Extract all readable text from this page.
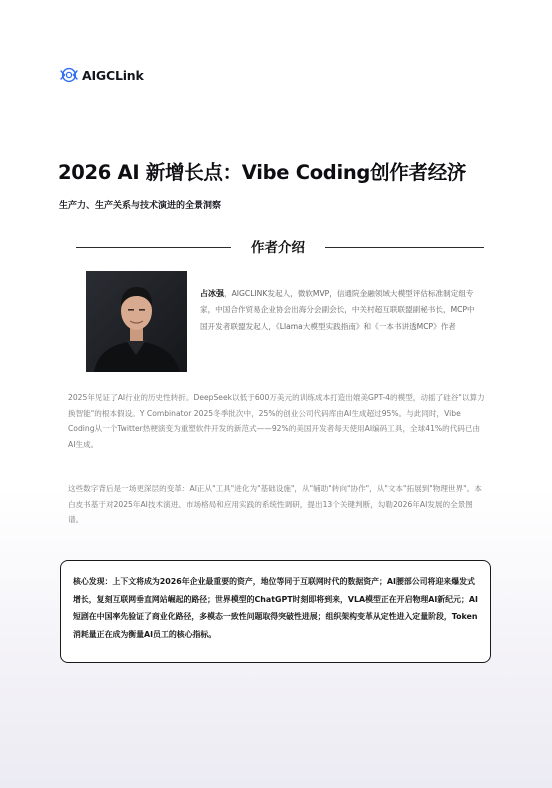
AIGCLink
2026 AI 新增长点：Vibe Coding创作者经济
生产力、生产关系与技术演进的全景洞察
作者介绍

占冰强，AIGCLINK发起人，微软MVP，信通院金融领域大模型评估标准制定组专家，中国合作贸易企业协会出海分会副会长，中关村超互联联盟副秘书长，MCP中国开发者联盟发起人，《Llama大模型实践指南》和《一本书讲透MCP》作者

2025年见证了AI行业的历史性转折。DeepSeek以低于600万美元的训练成本打造出媲美GPT-4的模型，动摇了硅谷"以算力换智能"的根本假设。Y Combinator 2025冬季批次中，25%的创业公司代码库由AI生成超过95%。与此同时，Vibe Coding从一个Twitter热梗演变为重塑软件开发的新范式——92%的美国开发者每天使用AI编码工具，全球41%的代码已由AI生成。

这些数字背后是一场更深层的变革：AI正从"工具"进化为"基础设施"，从"辅助"转向"协作"，从"文本"拓展到"物理世界"。本白皮书基于对2025年AI技术演进、市场格局和应用实践的系统性调研，提出13个关键判断，勾勒2026年AI发展的全景图谱。

核心发现：上下文将成为2026年企业最重要的资产，地位等同于互联网时代的数据资产；AI腰部公司将迎来爆发式增长，复刻互联网垂直网站崛起的路径；世界模型的ChatGPT时刻即将到来，VLA模型正在开启物理AI新纪元；AI短剧在中国率先验证了商业化路径，多模态一致性问题取得突破性进展；组织架构变革从定性进入定量阶段，Token消耗量正在成为衡量AI员工的核心指标。
